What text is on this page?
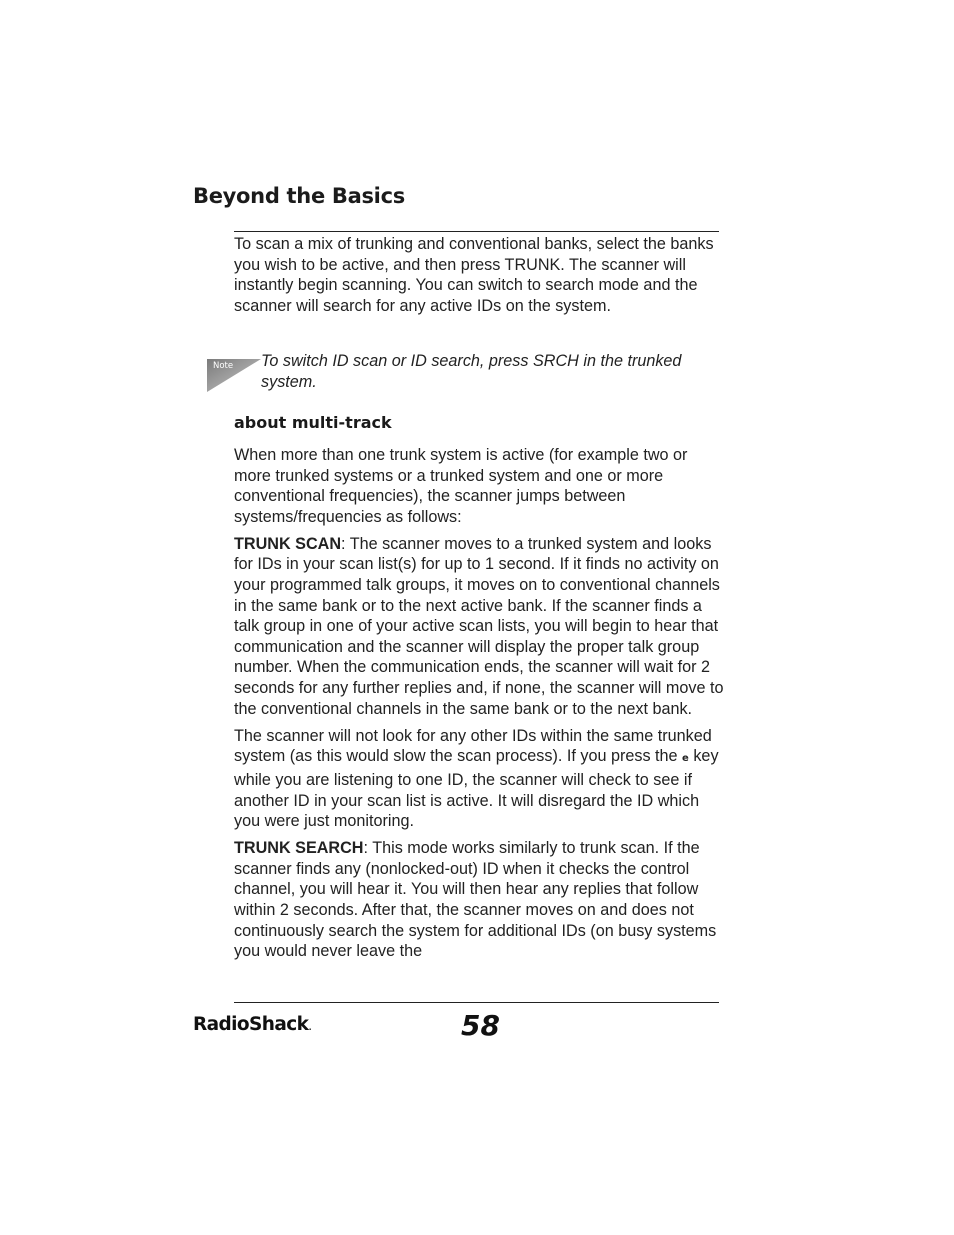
Beyond the Basics

To scan a mix of trunking and conventional banks, select the banks you wish to be active, and then press TRUNK. The scanner will instantly begin scanning. You can switch to search mode and the scanner will search for any active IDs on the system.

Note To switch ID scan or ID search, press SRCH in the trunked system.

about multi-track

When more than one trunk system is active (for example two or more trunked systems or a trunked system and one or more conventional frequencies), the scanner jumps between systems/frequencies as follows:

TRUNK SCAN: The scanner moves to a trunked system and looks for IDs in your scan list(s) for up to 1 second. If it finds no activity on your programmed talk groups, it moves on to conventional channels in the same bank or to the next active bank. If the scanner finds a talk group in one of your active scan lists, you will begin to hear that communication and the scanner will display the proper talk group number. When the communication ends, the scanner will wait for 2 seconds for any further replies and, if none, the scanner will move to the conventional channels in the same bank or to the next bank.

The scanner will not look for any other IDs within the same trunked system (as this would slow the scan process). If you press the e key while you are listening to one ID, the scanner will check to see if another ID in your scan list is active. It will disregard the ID which you were just monitoring.

TRUNK SEARCH: This mode works similarly to trunk scan. If the scanner finds any (nonlocked-out) ID when it checks the control channel, you will hear it. You will then hear any replies that follow within 2 seconds. After that, the scanner moves on and does not continuously search the system for additional IDs (on busy systems you would never leave the

RadioShack.	58
